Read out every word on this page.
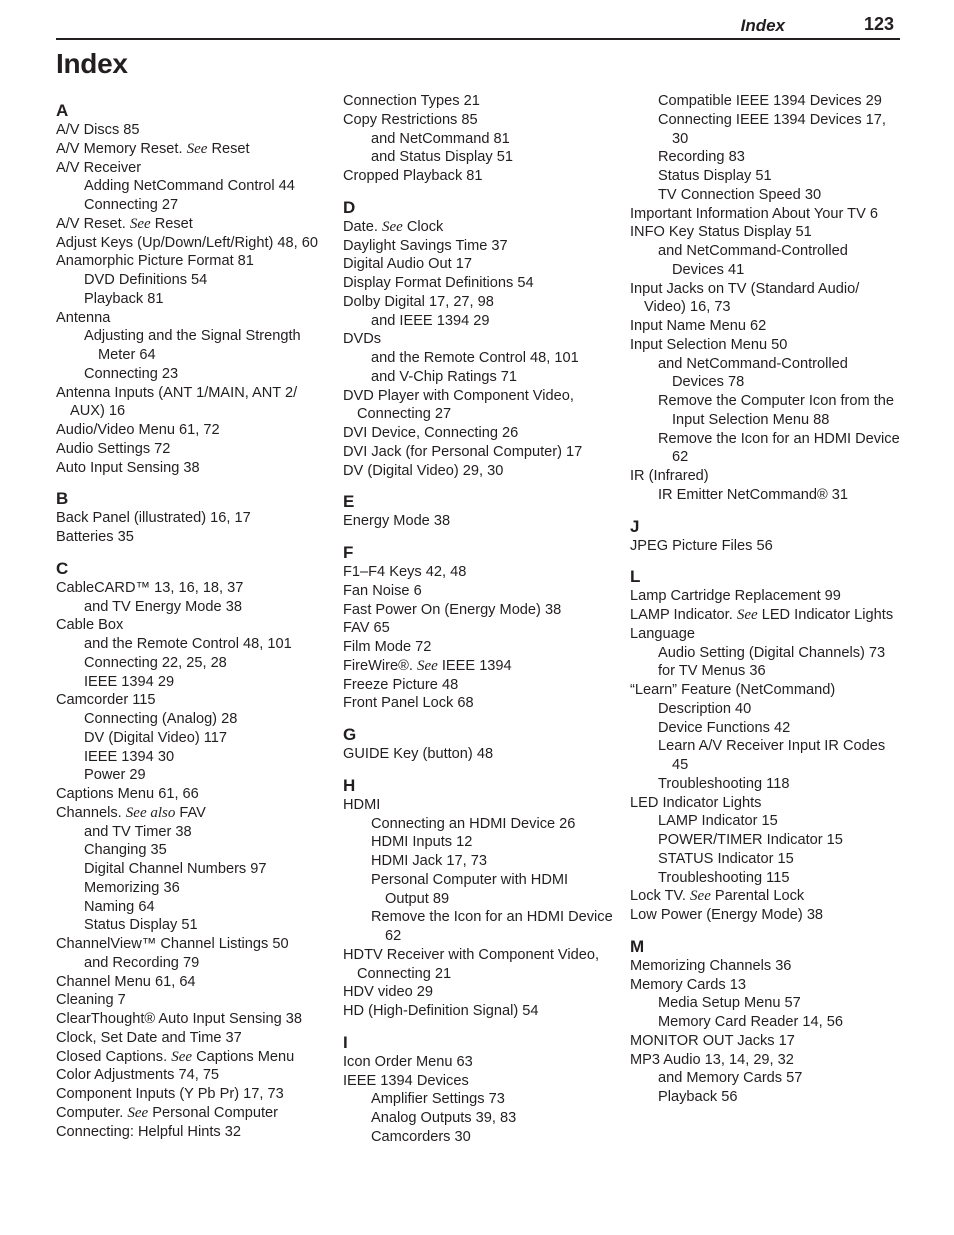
Index	123
Index
A
A/V Discs 85
A/V Memory Reset. See Reset
A/V Receiver
Adding NetCommand Control 44
Connecting 27
A/V Reset. See Reset
Adjust Keys (Up/Down/Left/Right) 48, 60
Anamorphic Picture Format 81
DVD Definitions 54
Playback 81
Antenna
Adjusting and the Signal Strength Meter 64
Connecting 23
Antenna Inputs (ANT 1/MAIN, ANT 2/ AUX) 16
Audio/Video Menu 61, 72
Audio Settings 72
Auto Input Sensing 38
B
Back Panel (illustrated) 16, 17
Batteries 35
C
CableCARD™ 13, 16, 18, 37
and TV Energy Mode 38
Cable Box
and the Remote Control 48, 101
Connecting 22, 25, 28
IEEE 1394 29
Camcorder 115
Connecting (Analog) 28
DV (Digital Video) 117
IEEE 1394 30
Power 29
Captions Menu 61, 66
Channels. See also FAV
and TV Timer 38
Changing 35
Digital Channel Numbers 97
Memorizing 36
Naming 64
Status Display 51
ChannelView™ Channel Listings 50
and Recording 79
Channel Menu 61, 64
Cleaning 7
ClearThought® Auto Input Sensing 38
Clock, Set Date and Time 37
Closed Captions. See Captions Menu
Color Adjustments 74, 75
Component Inputs (Y Pb Pr) 17, 73
Computer. See Personal Computer
Connecting: Helpful Hints 32
Connection Types 21
Copy Restrictions 85
and NetCommand 81
and Status Display 51
Cropped Playback 81
D
Date. See Clock
Daylight Savings Time 37
Digital Audio Out 17
Display Format Definitions 54
Dolby Digital 17, 27, 98
and IEEE 1394 29
DVDs
and the Remote Control 48, 101
and V-Chip Ratings 71
DVD Player with Component Video, Connecting 27
DVI Device, Connecting 26
DVI Jack (for Personal Computer) 17
DV (Digital Video) 29, 30
E
Energy Mode 38
F
F1–F4 Keys 42, 48
Fan Noise 6
Fast Power On (Energy Mode) 38
FAV 65
Film Mode 72
FireWire®. See IEEE 1394
Freeze Picture 48
Front Panel Lock 68
G
GUIDE Key (button) 48
H
HDMI
Connecting an HDMI Device 26
HDMI Inputs 12
HDMI Jack 17, 73
Personal Computer with HDMI Output 89
Remove the Icon for an HDMI Device 62
HDTV Receiver with Component Video, Connecting 21
HDV video 29
HD (High-Definition Signal) 54
I
Icon Order Menu 63
IEEE 1394 Devices
Amplifier Settings 73
Analog Outputs 39, 83
Camcorders 30
Compatible IEEE 1394 Devices 29
Connecting IEEE 1394 Devices 17, 30
Recording 83
Status Display 51
TV Connection Speed 30
Important Information About Your TV 6
INFO Key Status Display 51
and NetCommand-Controlled Devices 41
Input Jacks on TV (Standard Audio/ Video) 16, 73
Input Name Menu 62
Input Selection Menu 50
and NetCommand-Controlled Devices 78
Remove the Computer Icon from the Input Selection Menu 88
Remove the Icon for an HDMI Device 62
IR (Infrared)
IR Emitter NetCommand® 31
J
JPEG Picture Files 56
L
Lamp Cartridge Replacement 99
LAMP Indicator. See LED Indicator Lights
Language
Audio Setting (Digital Channels) 73
for TV Menus 36
“Learn” Feature (NetCommand)
Description 40
Device Functions 42
Learn A/V Receiver Input IR Codes 45
Troubleshooting 118
LED Indicator Lights
LAMP Indicator 15
POWER/TIMER Indicator 15
STATUS Indicator 15
Troubleshooting 115
Lock TV. See Parental Lock
Low Power (Energy Mode) 38
M
Memorizing Channels 36
Memory Cards 13
Media Setup Menu 57
Memory Card Reader 14, 56
MONITOR OUT Jacks 17
MP3 Audio 13, 14, 29, 32
and Memory Cards 57
Playback 56
